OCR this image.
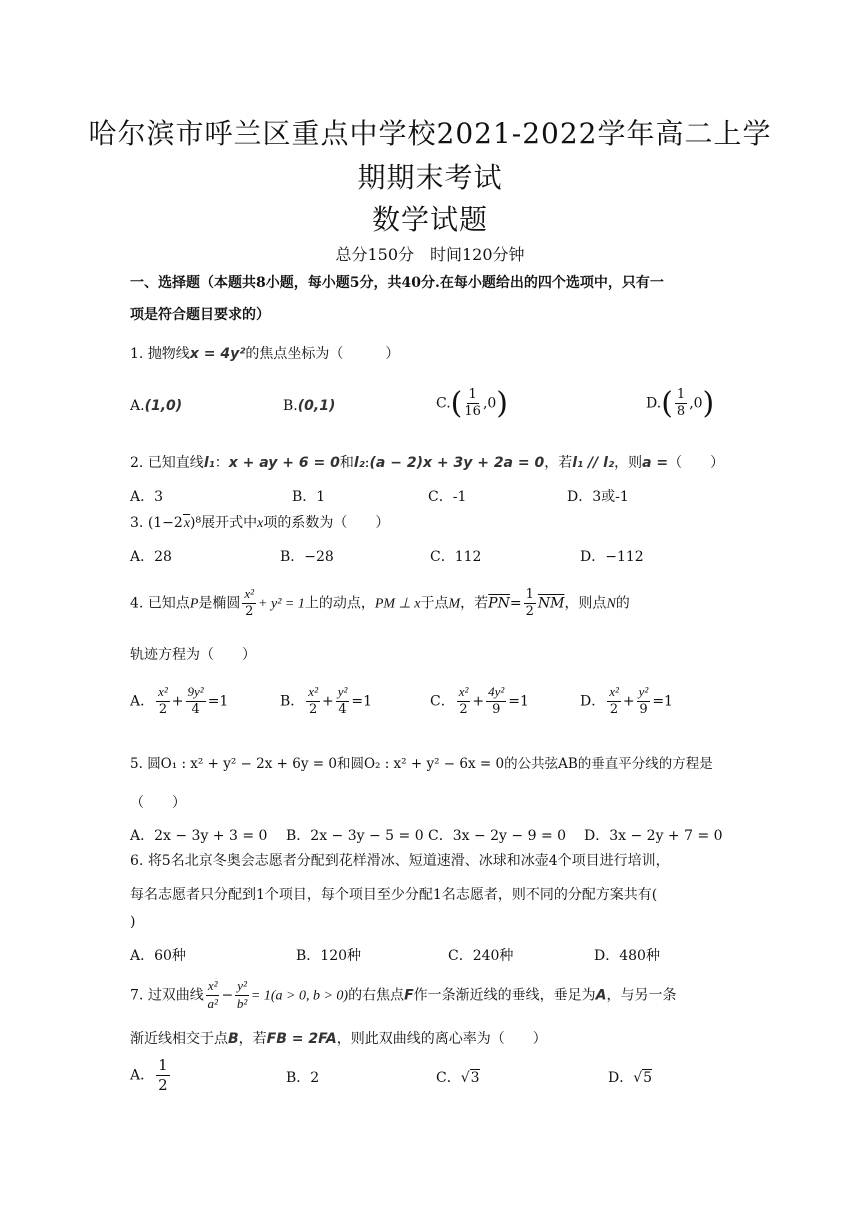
哈尔滨市呼兰区重点中学校2021-2022学年高二上学
期期末考试
数学试题
总分150分　时间120分钟
一、选择题（本题共8小题，每小题5分，共40分.在每小题给出的四个选项中，只有一
项是符合题目要求的）
1. 抛物线x = 4y²的焦点坐标为（　　　）
A.(1,0)	B.(0,1)	$C.( \frac{1}{16} ,0)$	$D.( \frac{1}{8} ,0)$
2. 已知直线l₁：x + ay + 6 = 0和l₂:(a − 2)x + 3y + 2a = 0，若l₁ // l₂，则a =（　　）
A．3	B．1	C．-1	D．3或-1
3. (1−2x)⁸展开式中x项的系数为（　　）
A．28	B．−28	C．112	D．−112
4. 已知点P是椭圆 $\frac{\text{x²}}{2} + y^2 = 1$上的动点，PM ⊥ x于点M，若$\overline{PN}= \frac{1}{2} \overline{NM}$，则点N的
轨迹方程为（　　）
A． $\frac{\text{x²}}{2} + \frac{\text{9y²}}{4} =1$	B． $\frac{\text{x²}}{2} + \frac{\text{y²}}{4} =1$	C． $\frac{\text{x²}}{2} + \frac{\text{4y²}}{9} =1$	D． $\frac{\text{x²}}{2} + \frac{\text{y²}}{9} =1$
5. 圆O₁ : x² + y² − 2x + 6y = 0和圆O₂ : x² + y² − 6x = 0的公共弦AB的垂直平分线的方程是
（　　）
A．2x − 3y + 3 = 0 B．2x − 3y − 5 = 0 C．3x − 2y − 9 = 0 D．3x − 2y + 7 = 0
6. 将5名北京冬奥会志愿者分配到花样滑冰、短道速滑、冰球和冰壶4个项目进行培训，
每名志愿者只分配到1个项目，每个项目至少分配1名志愿者，则不同的分配方案共有(
)
A．60种	B．120种	C．240种	D．480种
7. 过双曲线 $\frac{\text{x²}}{\text{a²}} - \frac{\text{y²}}{\text{b²}} = 1(a > 0$, b > 0)的右焦点F作一条渐近线的垂线，垂足为A，与另一条
渐近线相交于点B，若FB = 2FA，则此双曲线的离心率为（　　）
A． $\frac{1}{2}$	B．2	C．√3	D．√5
